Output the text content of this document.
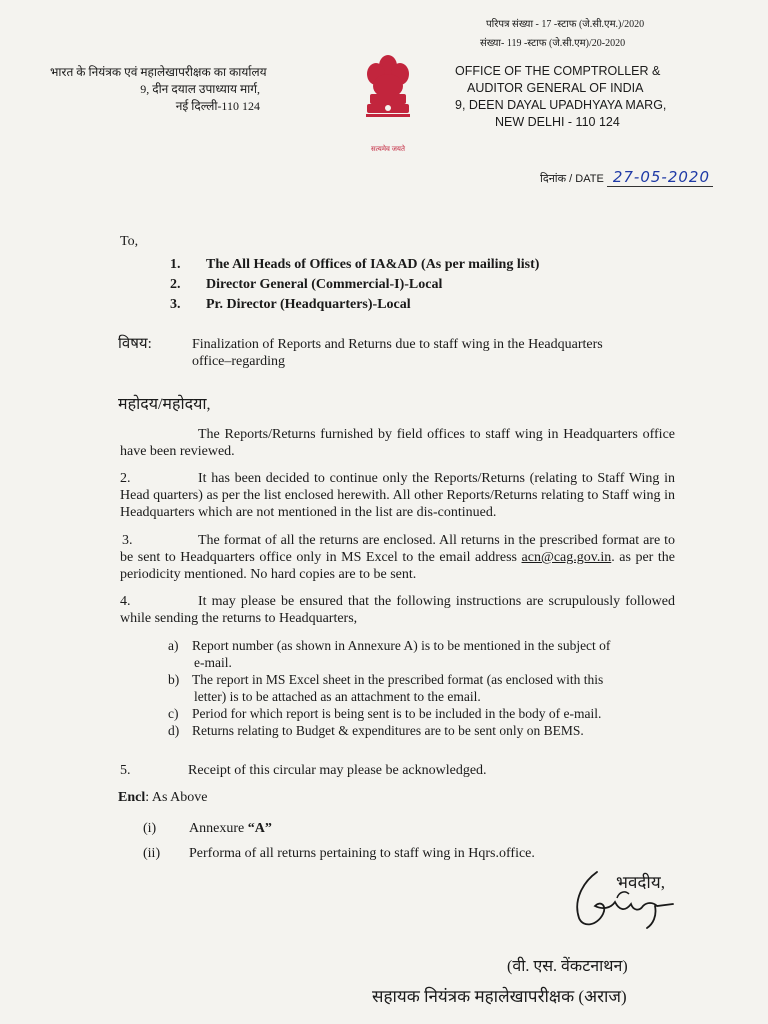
परिपत्र संख्या - 17 -स्टाफ (जे.सी.एम.)/2020
संख्या- 119 -स्टाफ (जे.सी.एम)/20-2020
भारत के नियंत्रक एवं महालेखापरीक्षक का कार्यालय
9, दीन दयाल उपाध्याय मार्ग,
नई दिल्ली-110 124
सत्यमेव जयते
OFFICE OF THE COMPTROLLER &
AUDITOR GENERAL OF INDIA
9, DEEN DAYAL UPADHYAYA MARG,
NEW DELHI - 110 124
दिनांक / DATE 27-05-2020
To,
1. The All Heads of Offices of IA&AD (As per mailing list)
2. Director General (Commercial-I)-Local
3. Pr. Director (Headquarters)-Local
विषय:	Finalization of Reports and Returns due to staff wing in the Headquarters
office–regarding
महोदय/महोदया,

The Reports/Returns furnished by field offices to staff wing in Headquarters office have been reviewed.

2.	It has been decided to continue only the Reports/Returns (relating to Staff Wing in Head quarters) as per the list enclosed herewith. All other Reports/Returns relating to Staff wing in Headquarters which are not mentioned in the list are dis-continued.

3.	The format of all the returns are enclosed. All returns in the prescribed format are to be sent to Headquarters office only in MS Excel to the email address acn@cag.gov.in. as per the periodicity mentioned. No hard copies are to be sent.

4.	It may please be ensured that the following instructions are scrupulously followed while sending the returns to Headquarters,

a) Report number (as shown in Annexure A) is to be mentioned in the subject of
e-mail.
b) The report in MS Excel sheet in the prescribed format (as enclosed with this
letter) is to be attached as an attachment to the email.
c) Period for which report is being sent is to be included in the body of e-mail.
d) Returns relating to Budget & expenditures are to be sent only on BEMS.
5.	Receipt of this circular may please be acknowledged.
Encl: As Above
(i) Annexure “A”
(ii) Performa of all returns pertaining to staff wing in Hqrs.office.
भवदीय,
(वी. एस. वेंकटनाथन)
सहायक नियंत्रक महालेखापरीक्षक (अराज)
